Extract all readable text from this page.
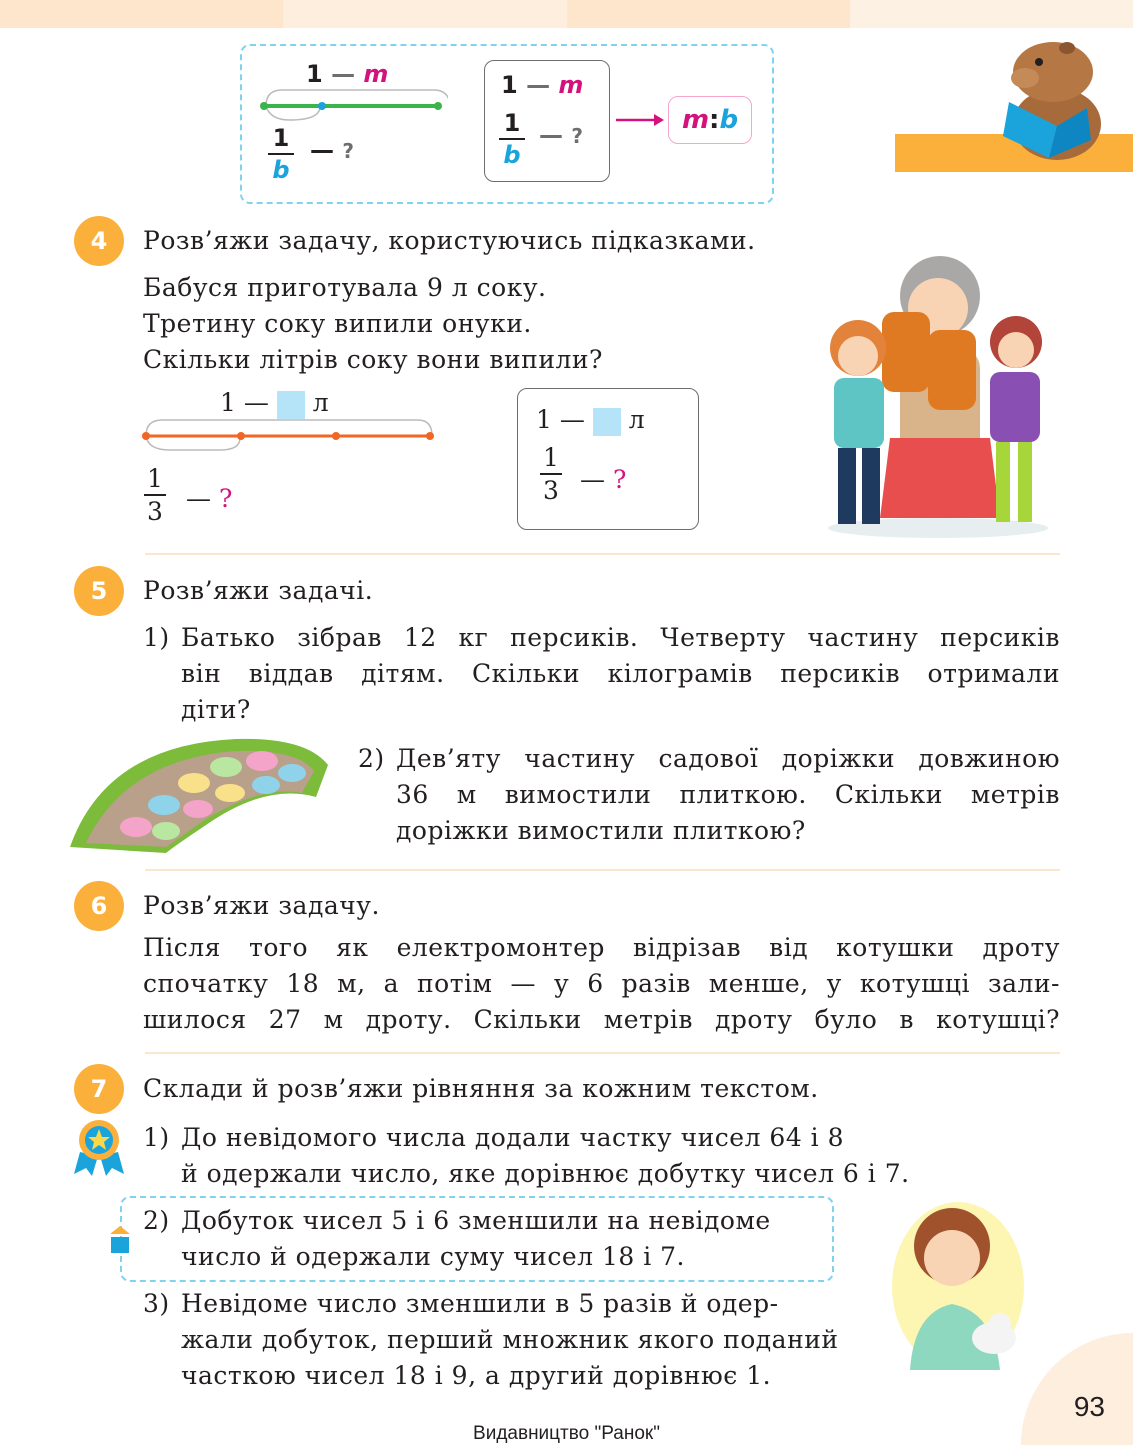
1 — m
1
b
— ?
1 — m
1
b
— ?
m:b
4	Розв’яжи задачу, користуючись підказками.
Бабуся приготувала 9 л соку.
Третину соку випили онуки.
Скільки літрів соку вони випили?
1 —  л
1
3 — ?
1 —  л
1
3 — ?
5	Розв’яжи задачі.
1) Батько зібрав 12 кг персиків. Четверту частину персиків
він віддав дітям. Скільки кілограмів персиків отримали
діти?
2) Дев’яту частину садової доріжки довжиною
36 м вимостили плиткою. Скільки метрів
доріжки вимостили плиткою?
6	Розв’яжи задачу.
Після того як електромонтер відрізав від котушки дроту
спочатку 18 м, а потім — у 6 разів менше, у котушці зали-
шилося 27 м дроту. Скільки метрів дроту було в котушці?
7	Склади й розв’яжи рівняння за кожним текстом.
1) До невідомого числа додали частку чисел 64 і 8
й одержали число, яке дорівнює добутку чисел 6 і 7.
2) Добуток чисел 5 і 6 зменшили на невідоме
число й одержали суму чисел 18 і 7.
3) Невідоме число зменшили в 5 разів й одер-
жали добуток, перший множник якого поданий
часткою чисел 18 і 9, а другий дорівнює 1.
93
Видавництво "Ранок"
